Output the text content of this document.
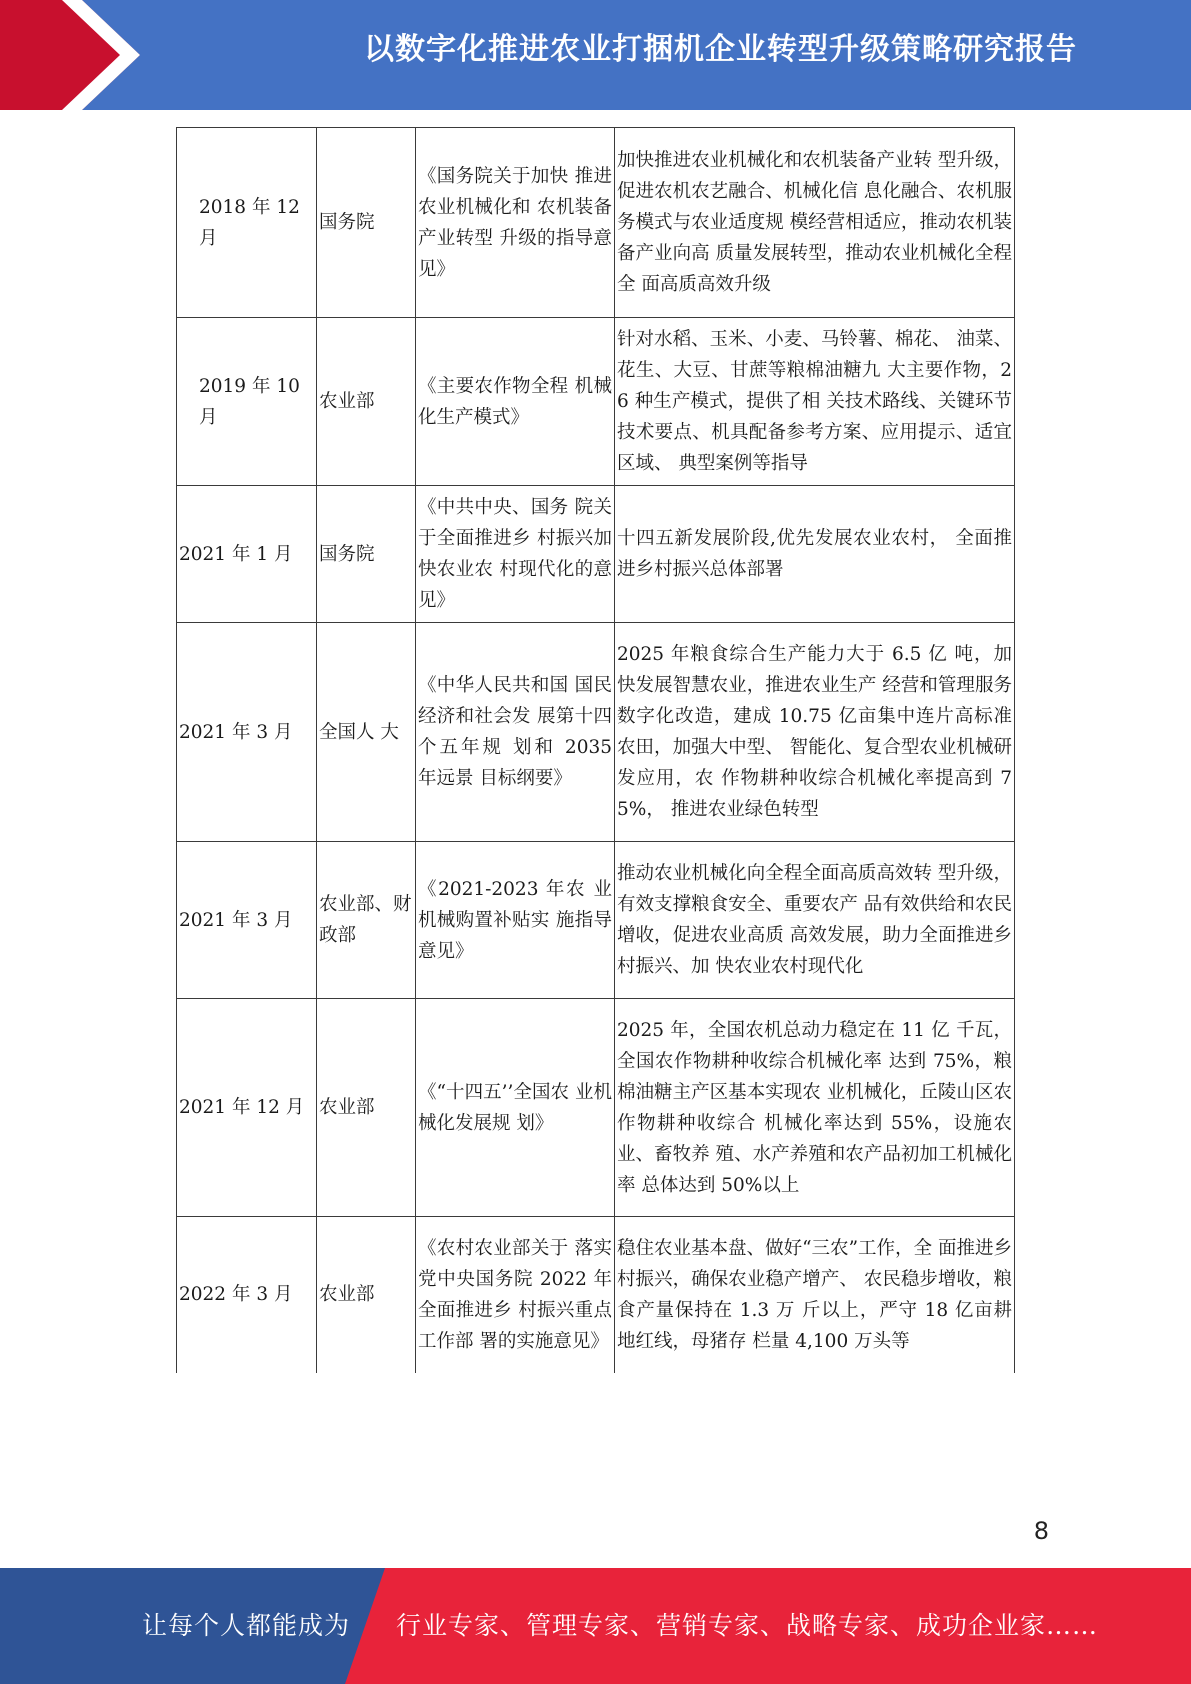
以数字化推进农业打捆机企业转型升级策略研究报告
2018 年 12 月	国务院	《国务院关于加快 推进农业机械化和 农机装备产业转型 升级的指导意见》	加快推进农业机械化和农机装备产业转 型升级，促进农机农艺融合、机械化信 息化融合、农机服务模式与农业适度规 模经营相适应，推动农机装备产业向高 质量发展转型，推动农业机械化全程全 面高质高效升级
2019 年 10 月	农业部	《主要农作物全程 机械化生产模式》	针对水稻、玉米、小麦、马铃薯、棉花、 油菜、花生、大豆、甘蔗等粮棉油糖九 大主要作物，26 种生产模式，提供了相 关技术路线、关键环节技术要点、机具配备参考方案、应用提示、适宜区域、 典型案例等指导
2021 年 1 月	国务院	《中共中央、国务 院关于全面推进乡 村振兴加快农业农 村现代化的意见》	十四五新发展阶段,优先发展农业农村， 全面推进乡村振兴总体部署
2021 年 3 月	全国人 大	《中华人民共和国 国民经济和社会发 展第十四个五年规 划和 2035 年远景 目标纲要》	2025 年粮食综合生产能力大于 6.5 亿 吨，加快发展智慧农业，推进农业生产 经营和管理服务数字化改造，建成 10.75 亿亩集中连片高标准农田，加强大中型、 智能化、复合型农业机械研发应用，农 作物耕种收综合机械化率提高到 75%， 推进农业绿色转型
2021 年 3 月	农业部、财政部	《2021-2023 年农 业机械购置补贴实 施指导意见》	推动农业机械化向全程全面高质高效转 型升级，有效支撑粮食安全、重要农产 品有效供给和农民增收，促进农业高质 高效发展，助力全面推进乡村振兴、加 快农业农村现代化
2021 年 12 月	农业部	《“十四五’’全国农 业机械化发展规 划》	2025 年，全国农机总动力稳定在 11 亿 千瓦，全国农作物耕种收综合机械化率 达到 75%，粮棉油糖主产区基本实现农 业机械化，丘陵山区农作物耕种收综合 机械化率达到 55%，设施农业、畜牧养 殖、水产养殖和农产品初加工机械化率 总体达到 50%以上
2022 年 3 月	农业部	《农村农业部关于 落实党中央国务院 2022 年全面推进乡 村振兴重点工作部 署的实施意见》	稳住农业基本盘、做好“三农”工作，全 面推进乡村振兴，确保农业稳产增产、 农民稳步增收，粮食产量保持在 1.3 万 斤以上，严守 18 亿亩耕地红线，母猪存 栏量 4,100 万头等
8
让每个人都能成为 行业专家、管理专家、营销专家、战略专家、成功企业家……
